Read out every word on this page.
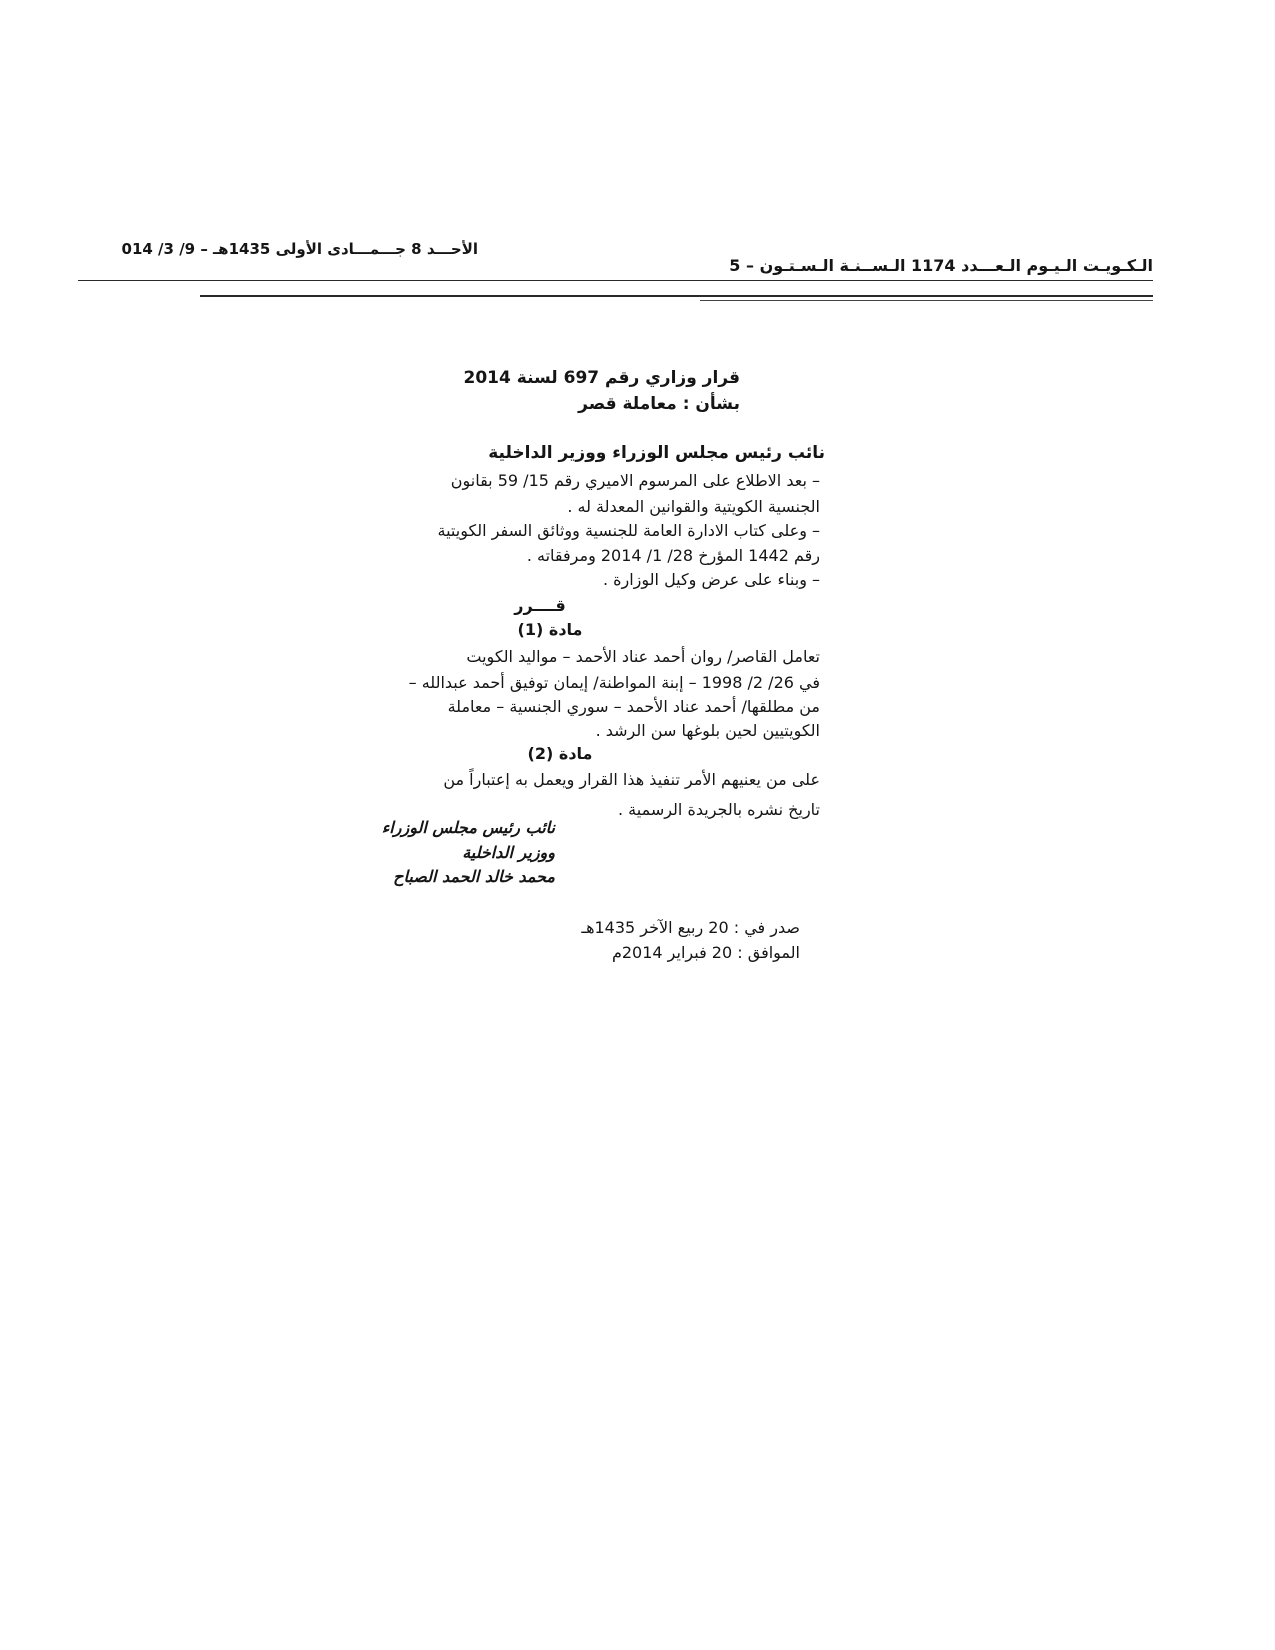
الأحـــد 8 جـــمـــادى الأولى 1435هـ – 9/ 3/ 014
الـكـويـت الـيـوم الـعـــدد 1174 الـســنـة الـسـتـون – 5
قرار وزاري رقم 697 لسنة 2014
بشأن : معاملة قصر
نائب رئيس مجلس الوزراء ووزير الداخلية
– بعد الاطلاع على المرسوم الاميري رقم 15/ 59 بقانون
الجنسية الكويتية والقوانين المعدلة له .
– وعلى كتاب الادارة العامة للجنسية ووثائق السفر الكويتية
رقم 1442 المؤرخ 28/ 1/ 2014 ومرفقاته .
– وبناء على عرض وكيل الوزارة .
قــــرر
مادة (1)
تعامل القاصر/ روان أحمد عناد الأحمد – مواليد الكويت
في 26/ 2/ 1998 – إبنة المواطنة/ إيمان توفيق أحمد عبدالله –
من مطلقها/ أحمد عناد الأحمد – سوري الجنسية – معاملة
الكويتيين لحين بلوغها سن الرشد .
مادة (2)
على من يعنيهم الأمر تنفيذ هذا القرار ويعمل به إعتباراً من
تاريخ نشره بالجريدة الرسمية .
نائب رئيس مجلس الوزراء
ووزير الداخلية
محمد خالد الحمد الصباح
صدر في : 20 ربيع الآخر 1435هـ
الموافق : 20 فبراير 2014م
